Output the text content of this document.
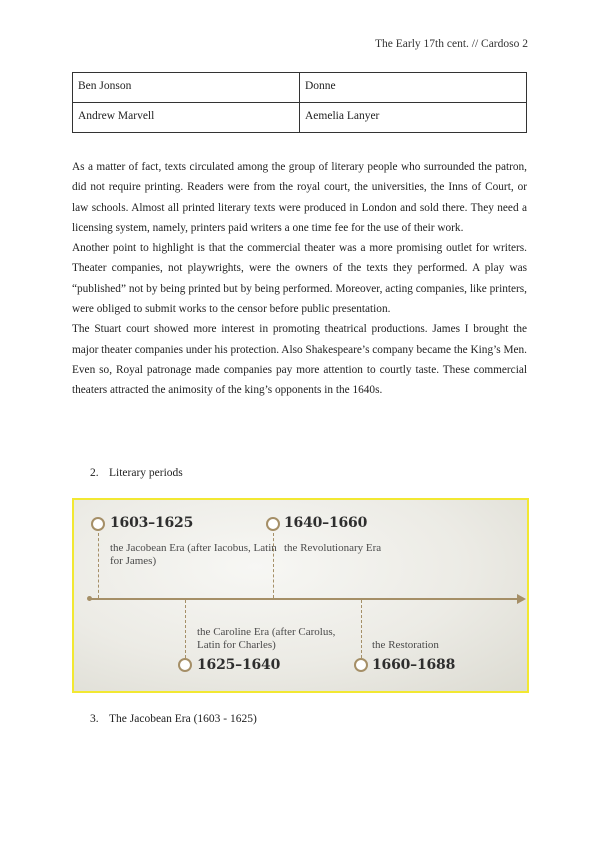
The Early 17th cent. // Cardoso 2
Ben Jonson	Donne
Andrew Marvell	Aemelia Lanyer

As a matter of fact, texts circulated among the group of literary people who surrounded the patron, did not require printing. Readers were from the royal court, the universities, the Inns of Court, or law schools. Almost all printed literary texts were produced in London and sold there. They need a licensing system, namely, printers paid writers a one time fee for the use of their work.

Another point to highlight is that the commercial theater was a more promising outlet for writers. Theater companies, not playwrights, were the owners of the texts they performed. A play was “published” not by being printed but by being performed. Moreover, acting companies, like printers, were obliged to submit works to the censor before public presentation.

The Stuart court showed more interest in promoting theatrical productions. James I brought the major theater companies under his protection. Also Shakespeare’s company became the King’s Men. Even so, Royal patronage made companies pay more attention to courtly taste. These commercial theaters attracted the animosity of the king’s opponents in the 1640s.

2. Literary periods
1603–1625
the Jacobean Era (after Iacobus, Latin for James)
1640–1660
the Revolutionary Era
1625–1640
the Caroline Era (after Carolus, Latin for Charles)
1660–1688
the Restoration
3. The Jacobean Era (1603 - 1625)
